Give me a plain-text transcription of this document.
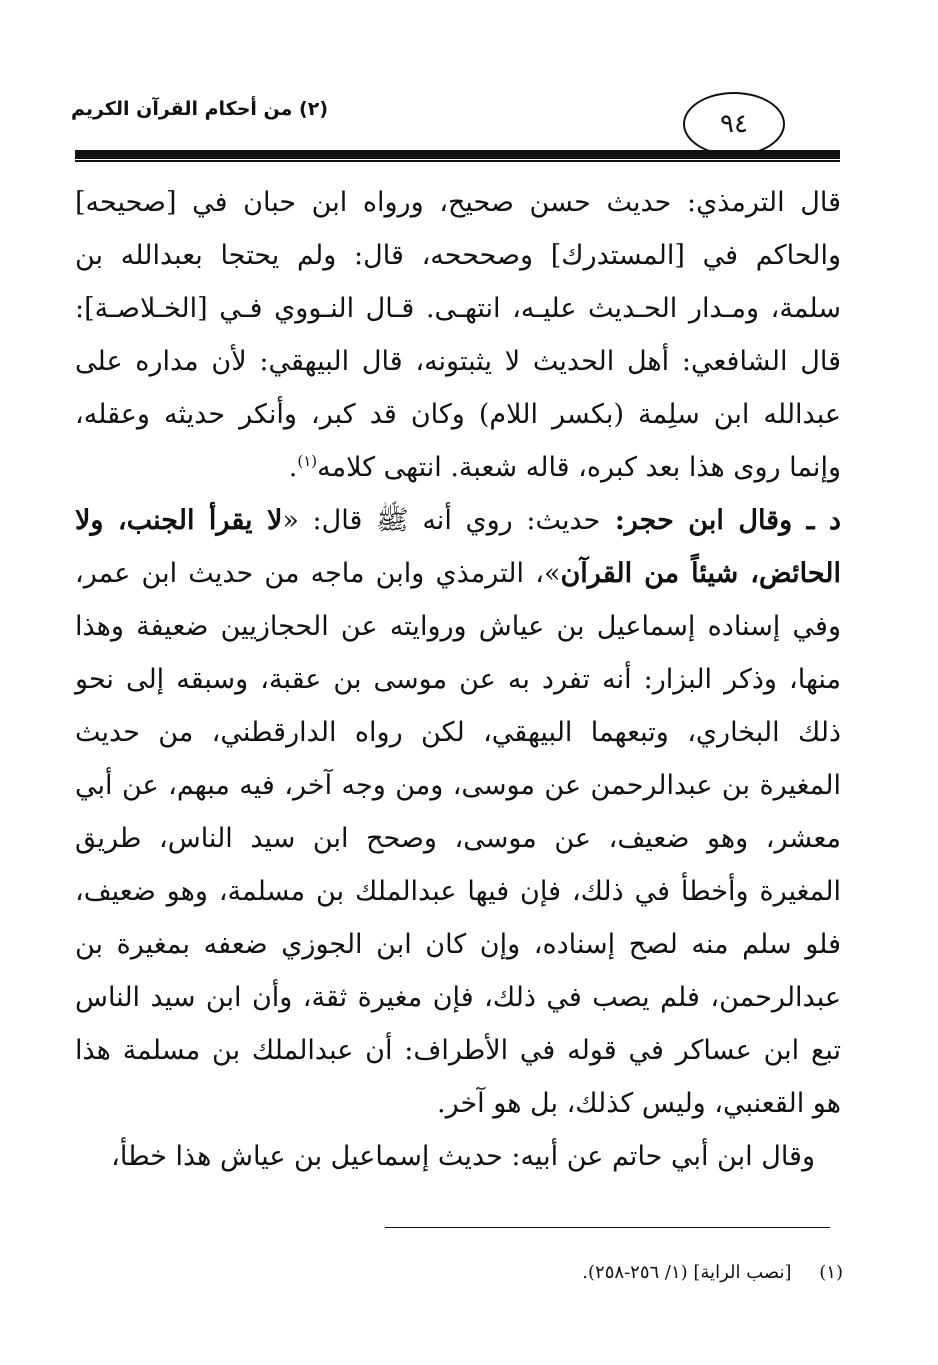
٩٤
(٢) من أحكام القرآن الكريم

قال الترمذي: حديث حسن صحيح، ورواه ابن حبان في [صحيحه] والحاكم في [المستدرك] وصحححه، قال: ولم يحتجا بعبدالله بن سلمة، ومـدار الحـديث عليـه، انتهـى. قـال النـووي فـي [الخـلاصـة]: قال الشافعي: أهل الحديث لا يثبتونه، قال البيهقي: لأن مداره على عبدالله ابن سلِمة (بكسر اللام) وكان قد كبر، وأنكر حديثه وعقله، وإنما روى هذا بعد كبره، قاله شعبة. انتهى كلامه$^{(١)}$.

د ـ وقال ابن حجر: حديث: روي أنه ﷺ قال: «لا يقرأ الجنب، ولا الحائض، شيئاً من القرآن»، الترمذي وابن ماجه من حديث ابن عمر، وفي إسناده إسماعيل بن عياش وروايته عن الحجازيين ضعيفة وهذا منها، وذكر البزار: أنه تفرد به عن موسى بن عقبة، وسبقه إلى نحو ذلك البخاري، وتبعهما البيهقي، لكن رواه الدارقطني، من حديث المغيرة بن عبدالرحمن عن موسى، ومن وجه آخر، فيه مبهم، عن أبي معشر، وهو ضعيف، عن موسى، وصحح ابن سيد الناس، طريق المغيرة وأخطأ في ذلك، فإن فيها عبدالملك بن مسلمة، وهو ضعيف، فلو سلم منه لصح إسناده، وإن كان ابن الجوزي ضعفه بمغيرة بن عبدالرحمن، فلم يصب في ذلك، فإن مغيرة ثقة، وأن ابن سيد الناس تبع ابن عساكر في قوله في الأطراف: أن عبدالملك بن مسلمة هذا هو القعنبي، وليس كذلك، بل هو آخر.

وقال ابن أبي حاتم عن أبيه: حديث إسماعيل بن عياش هذا خطأ،

(١) [نصب الراية] (١/ ٢٥٦-٢٥٨).
